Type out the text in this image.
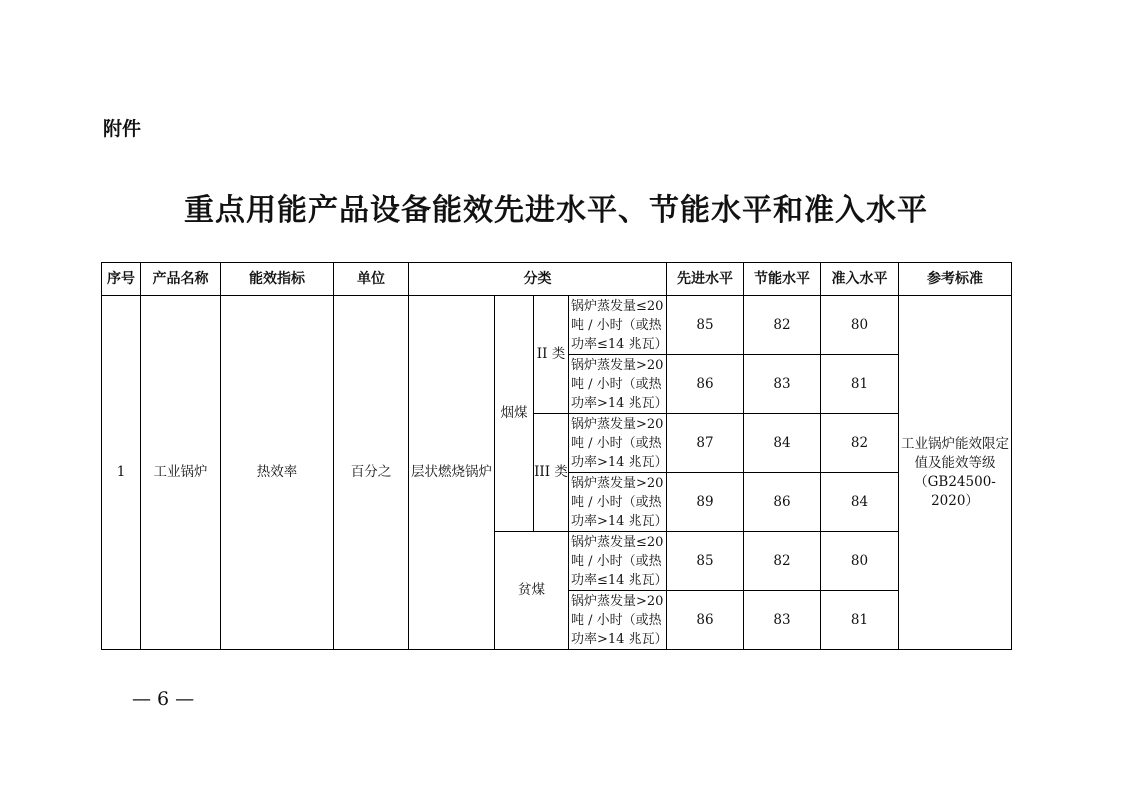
附件
重点用能产品设备能效先进水平、节能水平和准入水平
序号	产品名称	能效指标	单位	分类				先进水平	节能水平	准入水平	参考标准
1	工业锅炉	热效率	百分之	层状燃烧锅炉	烟煤	II 类	锅炉蒸发量≤20
吨 / 小时（或热
功率≤14 兆瓦）	85	82	80	工业锅炉能效限定值及能效等级（GB24500-2020）

							锅炉蒸发量>20
吨 / 小时（或热
功率>14 兆瓦）	86	83	81	
						III 类	锅炉蒸发量>20
吨 / 小时（或热
功率>14 兆瓦）	87	84	82	

							锅炉蒸发量>20
吨 / 小时（或热
功率>14 兆瓦）	89	86	84	
					贫煤		锅炉蒸发量≤20
吨 / 小时（或热
功率≤14 兆瓦）	85	82	80	

							锅炉蒸发量>20
吨 / 小时（或热
功率>14 兆瓦）	86	83	81	
— 6 —
